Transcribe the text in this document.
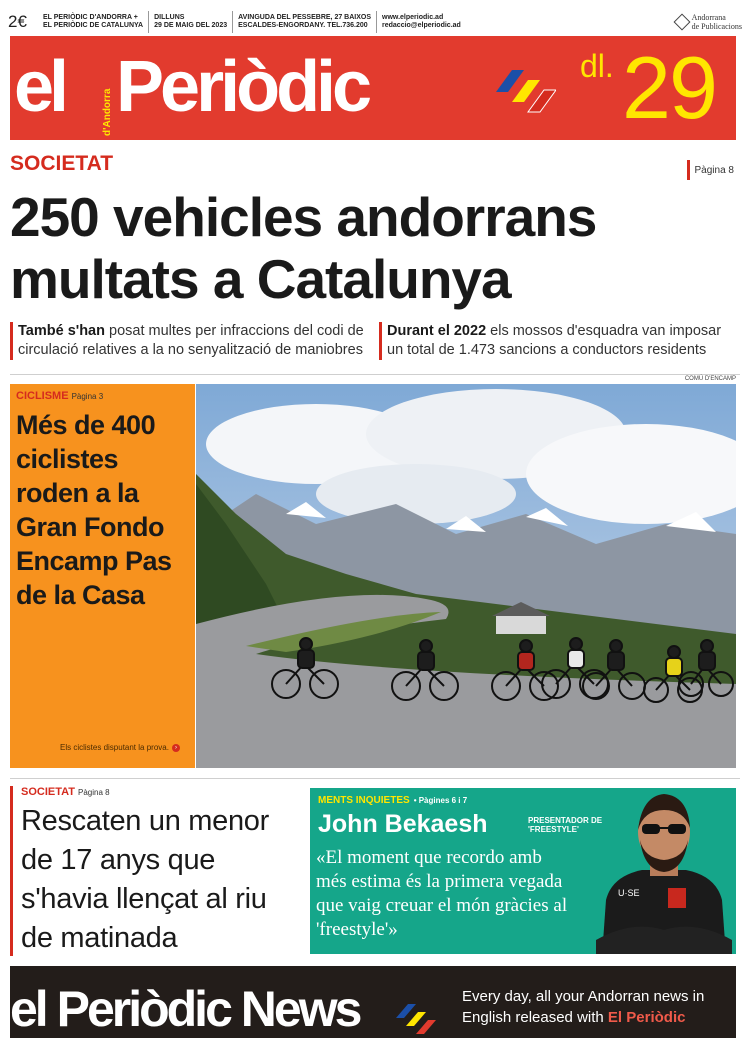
2€	EL PERIÒDIC D'ANDORRA +
EL PERIÒDIC DE CATALUNYA
DILLUNS
29 DE MAIG DEL 2023
AVINGUDA DEL PESSEBRE, 27 BAIXOS
ESCALDES-ENGORDANY. TEL.736.200
www.elperiodic.ad
redaccio@elperiodic.ad
Andorrana
de Publicacions
el	d'Andorra Periòdic	dl. 29
SOCIETAT	Pàgina 8
250 vehicles andorrans multats a Catalunya

També s'han posat multes per infraccions del codi de circulació relatives a la no senyalització de maniobres

Durant el 2022 els mossos d'esquadra van imposar un total de 1.473 sancions a conductors residents

COMÚ D'ENCAMP
CICLISME Pàgina 3
Més de 400 ciclistes roden a la Gran Fondo Encamp Pas de la Casa
Els ciclistes disputant la prova.	›
SOCIETAT Pàgina 8
Rescaten un menor de 17 anys que s'havia llençat al riu de matinada
MENTS INQUIETES • Pàgines 6 i 7
John Bekaesh	PRESENTADOR DE 'FREESTYLE'
«El moment que recordo amb més estima és la primera vegada que vaig creuar el món gràcies al 'freestyle'»
U·SE
el Periòdic News	Every day, all your Andorran news in English released with El Periòdic
